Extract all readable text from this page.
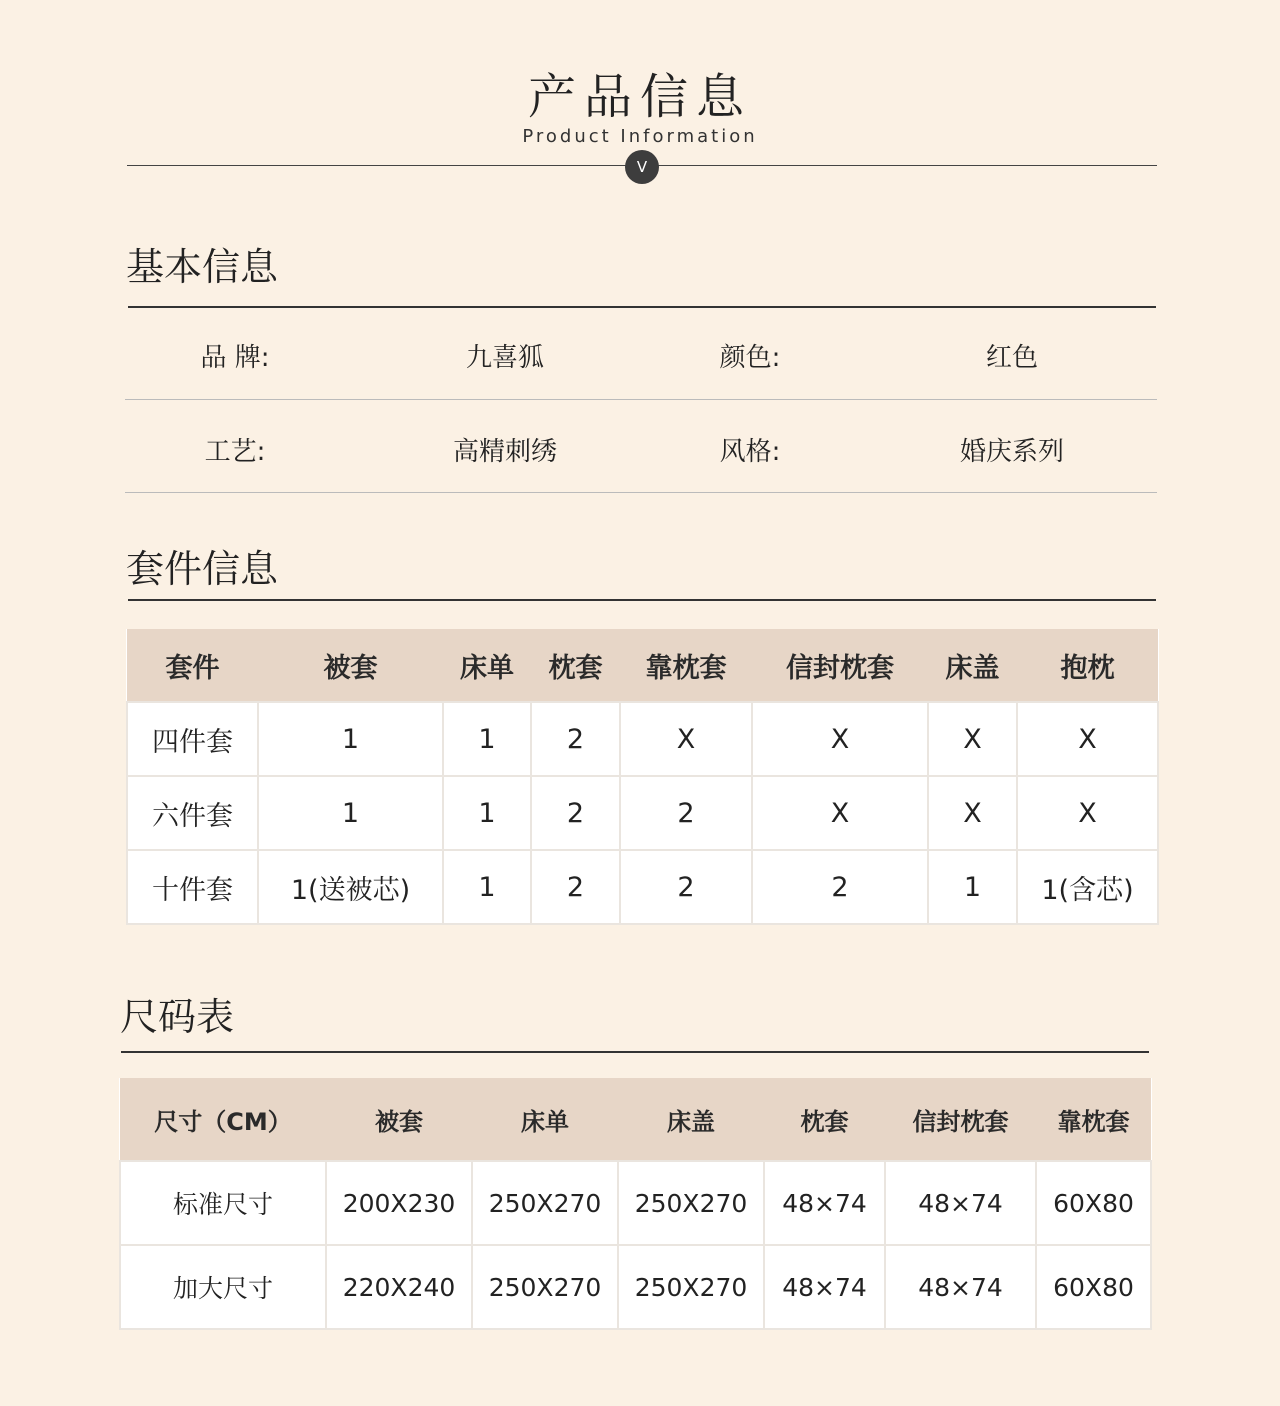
产品信息
Product Information
V
基本信息
品 牌:	九喜狐	颜色:	红色
工艺:	高精刺绣	风格:	婚庆系列
套件信息
套件	被套	床单	枕套	靠枕套	信封枕套	床盖	抱枕
四件套	1	1	2	X	X	X	X
六件套	1	1	2	2	X	X	X
十件套	1(送被芯)	1	2	2	2	1	1(含芯)
尺码表
尺寸（CM）	被套	床单	床盖	枕套	信封枕套	靠枕套
标准尺寸	200X230	250X270	250X270	48×74	48×74	60X80
加大尺寸	220X240	250X270	250X270	48×74	48×74	60X80
